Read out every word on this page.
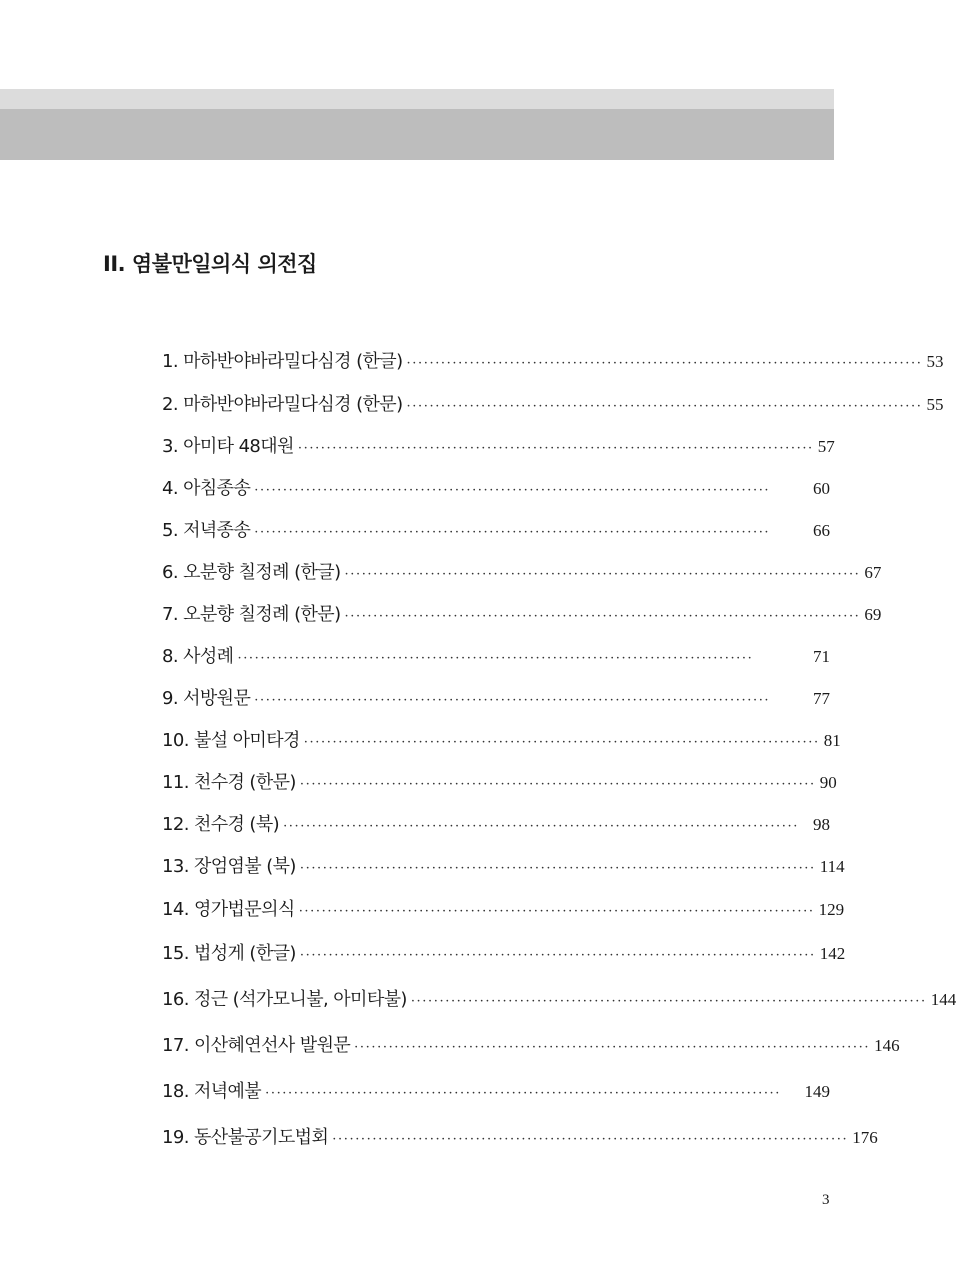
II. 염불만일의식 의전집
1. 마하반야바라밀다심경 (한글) ·························································································· 53
2. 마하반야바라밀다심경 (한문) ·························································································· 55
3. 아미타 48대원 ·························································································· 57
4. 아침종송 ··························································································	60
5. 저녁종송 ··························································································	66
6. 오분향 칠정례 (한글) ·························································································· 67
7. 오분향 칠정례 (한문) ·························································································· 69
8. 사성례 ··························································································	71
9. 서방원문 ··························································································	77
10. 불설 아미타경 ·························································································· 81
11. 천수경 (한문) ·························································································· 90
12. 천수경 (북) ·························································································· 98
13. 장엄염불 (북) ·························································································· 114
14. 영가법문의식 ·························································································· 129
15. 법성게 (한글) ·························································································· 142
16. 정근 (석가모니불, 아미타불) ·························································································· 144
17. 이산혜연선사 발원문 ·························································································· 146
18. 저녁예불 ··························································································	149
19. 동산불공기도법회 ·························································································· 176
3
